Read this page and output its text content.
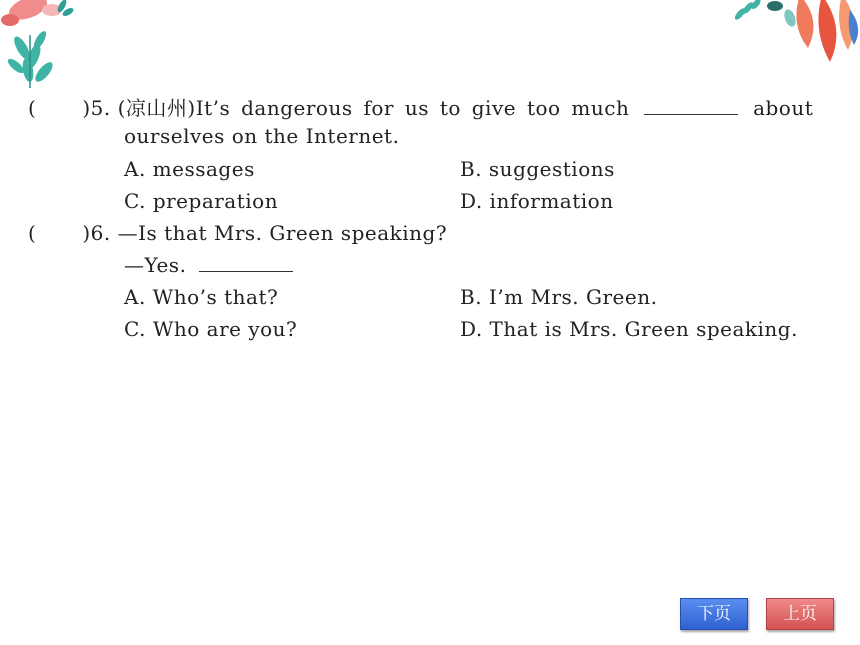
( )5. (凉山州)It’s dangerous for us to give too much	about
ourselves on the Internet.
A. messages	B. suggestions
C. preparation	D. information
( )6. —Is that Mrs. Green speaking?
—Yes.
A. Who’s that?	B. I’m Mrs. Green.
C. Who are you?	D. That is Mrs. Green speaking.
下页	上页
